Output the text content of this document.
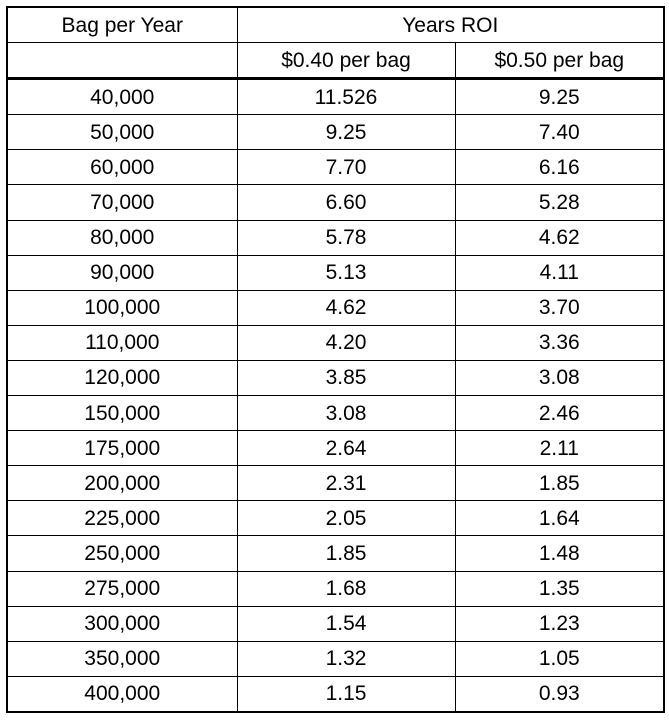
Bag per Year	Years ROI	
	$0.40 per bag	$0.50 per bag
40,000	11.526	9.25
50,000	9.25	7.40
60,000	7.70	6.16
70,000	6.60	5.28
80,000	5.78	4.62
90,000	5.13	4.11
100,000	4.62	3.70
110,000	4.20	3.36
120,000	3.85	3.08
150,000	3.08	2.46
175,000	2.64	2.11
200,000	2.31	1.85
225,000	2.05	1.64
250,000	1.85	1.48
275,000	1.68	1.35
300,000	1.54	1.23
350,000	1.32	1.05
400,000	1.15	0.93
